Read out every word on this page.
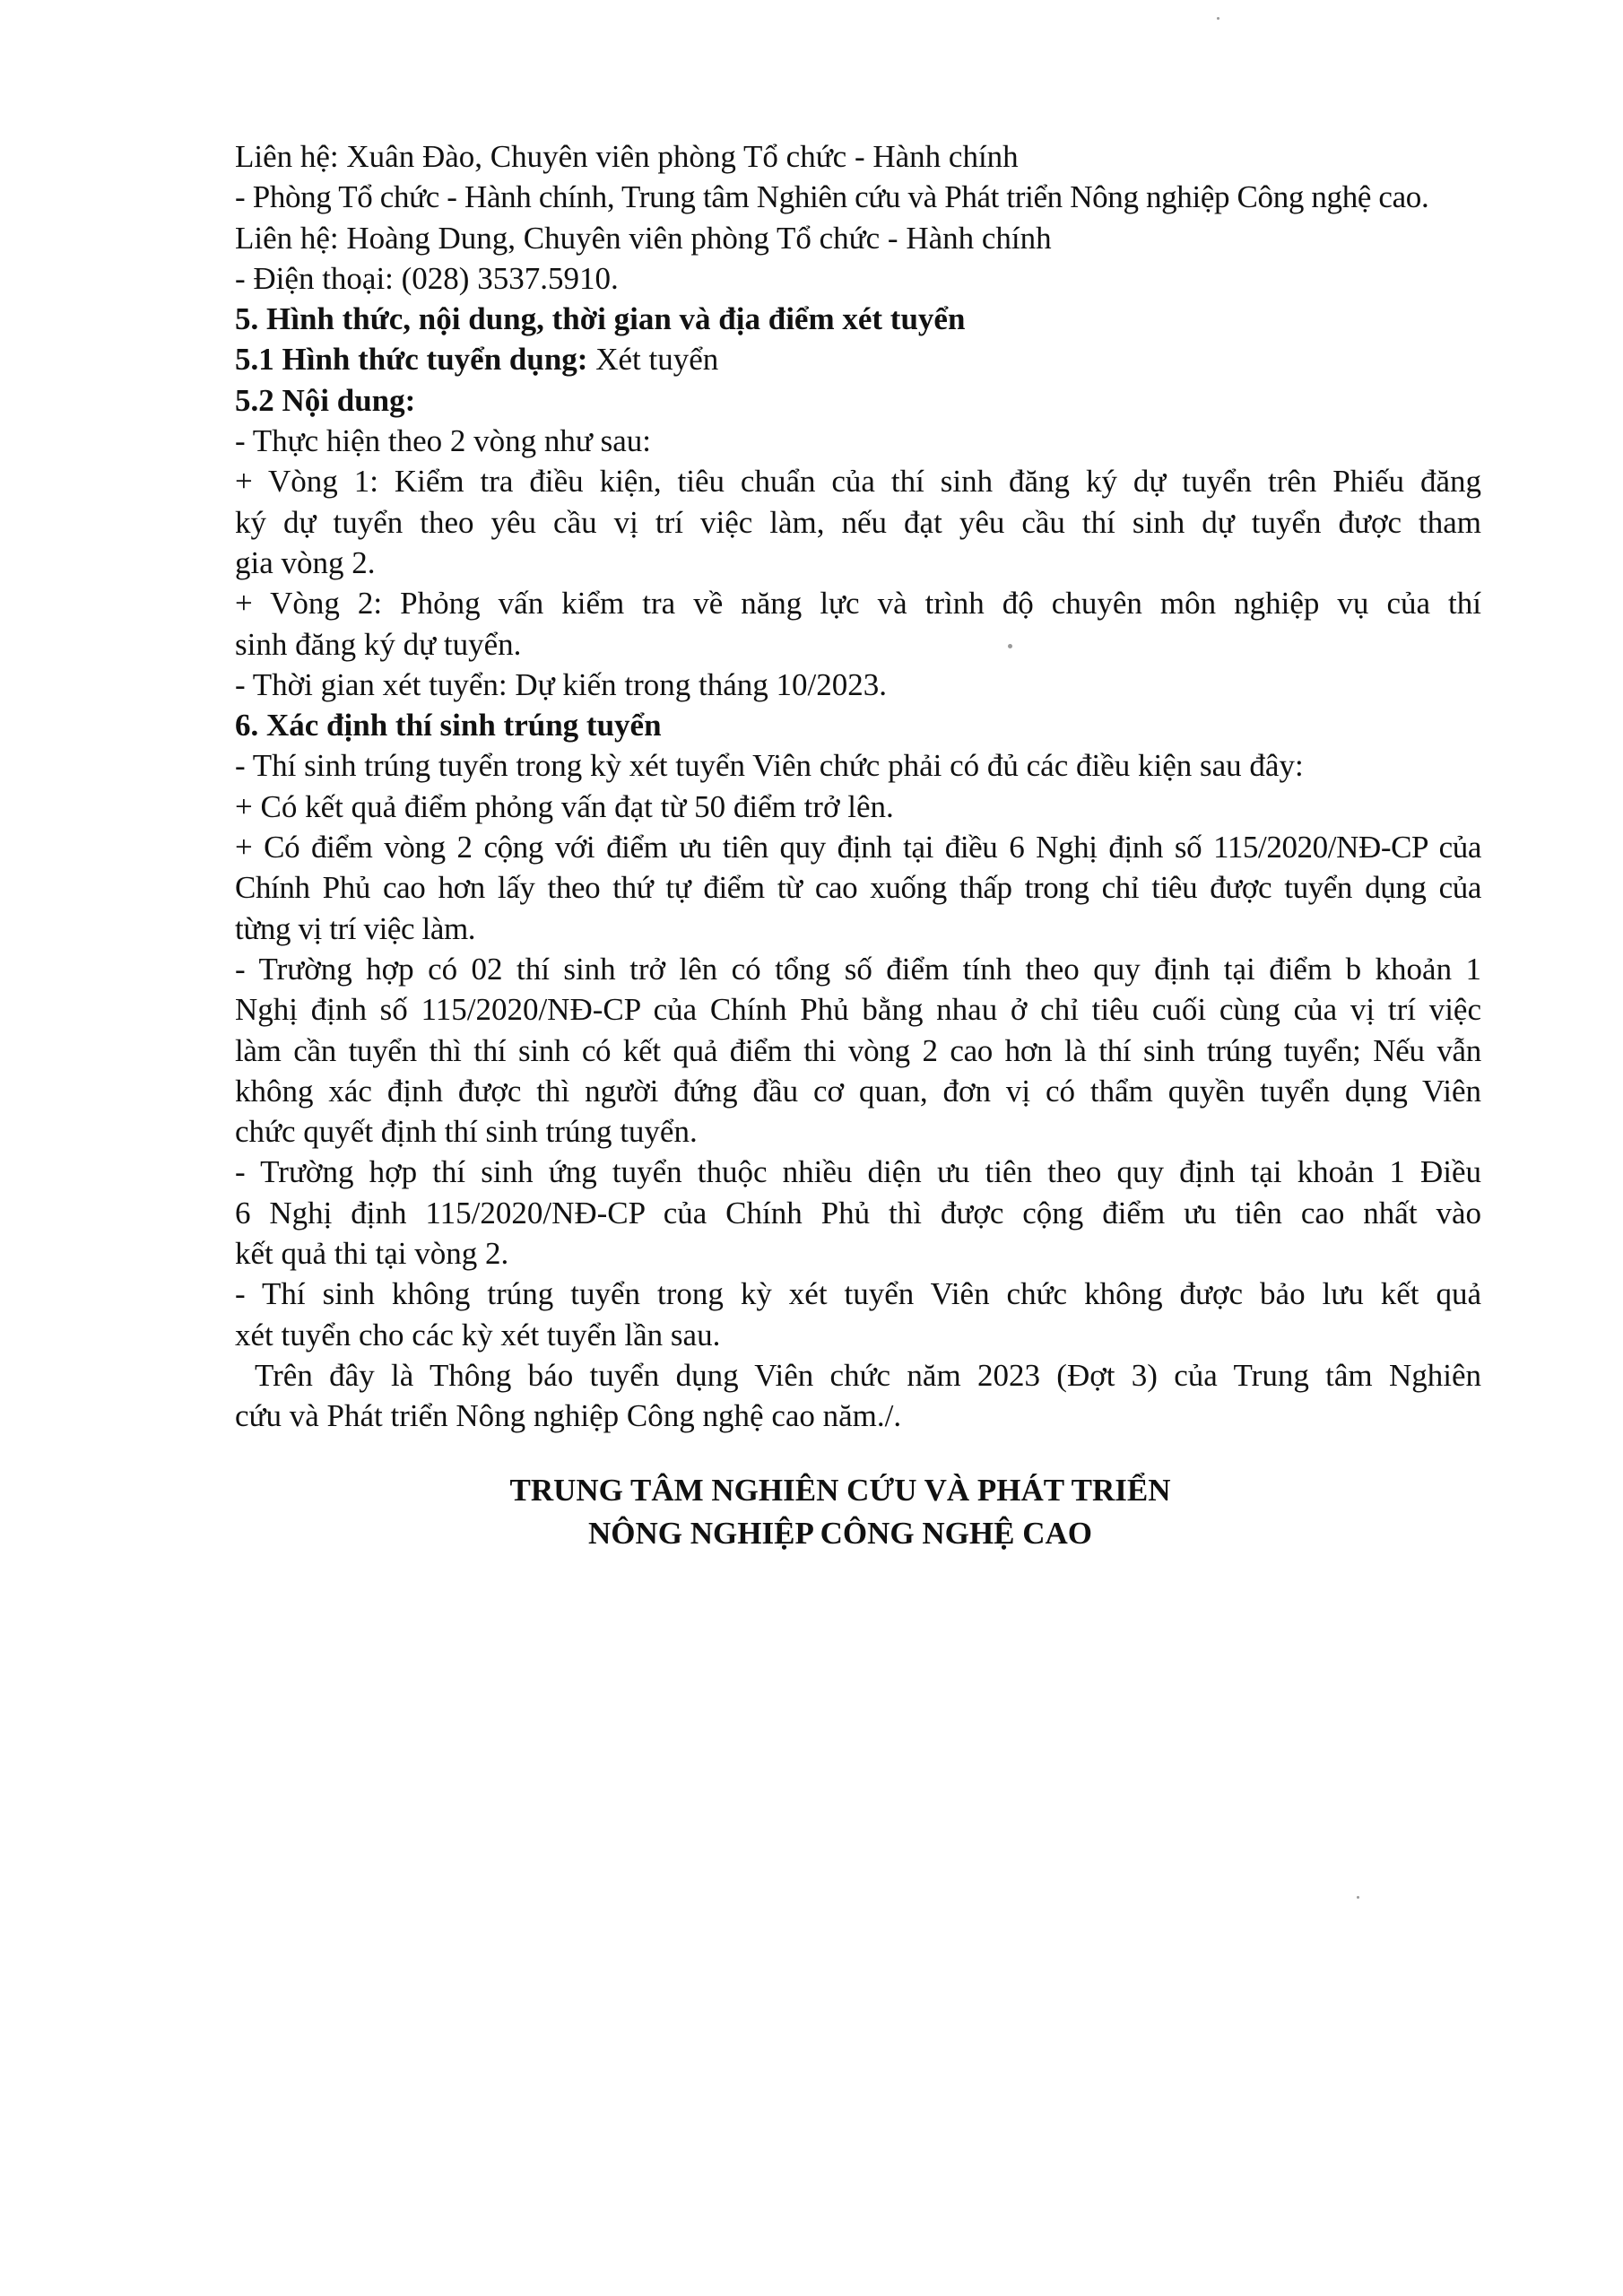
Liên hệ: Xuân Đào, Chuyên viên phòng Tổ chức - Hành chính

- Phòng Tổ chức - Hành chính, Trung tâm Nghiên cứu và Phát triển Nông nghiệp Công nghệ cao.

Liên hệ: Hoàng Dung, Chuyên viên phòng Tổ chức - Hành chính

- Điện thoại: (028) 3537.5910.

5. Hình thức, nội dung, thời gian và địa điểm xét tuyển

5.1 Hình thức tuyển dụng: Xét tuyển

5.2 Nội dung:

- Thực hiện theo 2 vòng như sau:

+ Vòng 1: Kiểm tra điều kiện, tiêu chuẩn của thí sinh đăng ký dự tuyển trên Phiếu đăng
ký dự tuyển theo yêu cầu vị trí việc làm, nếu đạt yêu cầu thí sinh dự tuyển được tham
gia vòng 2.
+ Vòng 2: Phỏng vấn kiểm tra về năng lực và trình độ chuyên môn nghiệp vụ của thí
sinh đăng ký dự tuyển.

- Thời gian xét tuyển: Dự kiến trong tháng 10/2023.

6. Xác định thí sinh trúng tuyển

- Thí sinh trúng tuyển trong kỳ xét tuyển Viên chức phải có đủ các điều kiện sau đây:

+ Có kết quả điểm phỏng vấn đạt từ 50 điểm trở lên.

+ Có điểm vòng 2 cộng với điểm ưu tiên quy định tại điều 6 Nghị định số 115/2020/NĐ-CP của
Chính Phủ cao hơn lấy theo thứ tự điểm từ cao xuống thấp trong chỉ tiêu được tuyển dụng của
từng vị trí việc làm.
- Trường hợp có 02 thí sinh trở lên có tổng số điểm tính theo quy định tại điểm b khoản 1
Nghị định số 115/2020/NĐ-CP của Chính Phủ bằng nhau ở chỉ tiêu cuối cùng của vị trí việc
làm cần tuyển thì thí sinh có kết quả điểm thi vòng 2 cao hơn là thí sinh trúng tuyển; Nếu vẫn
không xác định được thì người đứng đầu cơ quan, đơn vị có thẩm quyền tuyển dụng Viên
chức quyết định thí sinh trúng tuyển.
- Trường hợp thí sinh ứng tuyển thuộc nhiều diện ưu tiên theo quy định tại khoản 1 Điều
6 Nghị định 115/2020/NĐ-CP của Chính Phủ thì được cộng điểm ưu tiên cao nhất vào
kết quả thi tại vòng 2.
- Thí sinh không trúng tuyển trong kỳ xét tuyển Viên chức không được bảo lưu kết quả
xét tuyển cho các kỳ xét tuyển lần sau.
Trên đây là Thông báo tuyển dụng Viên chức năm 2023 (Đợt 3) của Trung tâm Nghiên
cứu và Phát triển Nông nghiệp Công nghệ cao năm./.
TRUNG TÂM NGHIÊN CỨU VÀ PHÁT TRIỂN
NÔNG NGHIỆP CÔNG NGHỆ CAO
